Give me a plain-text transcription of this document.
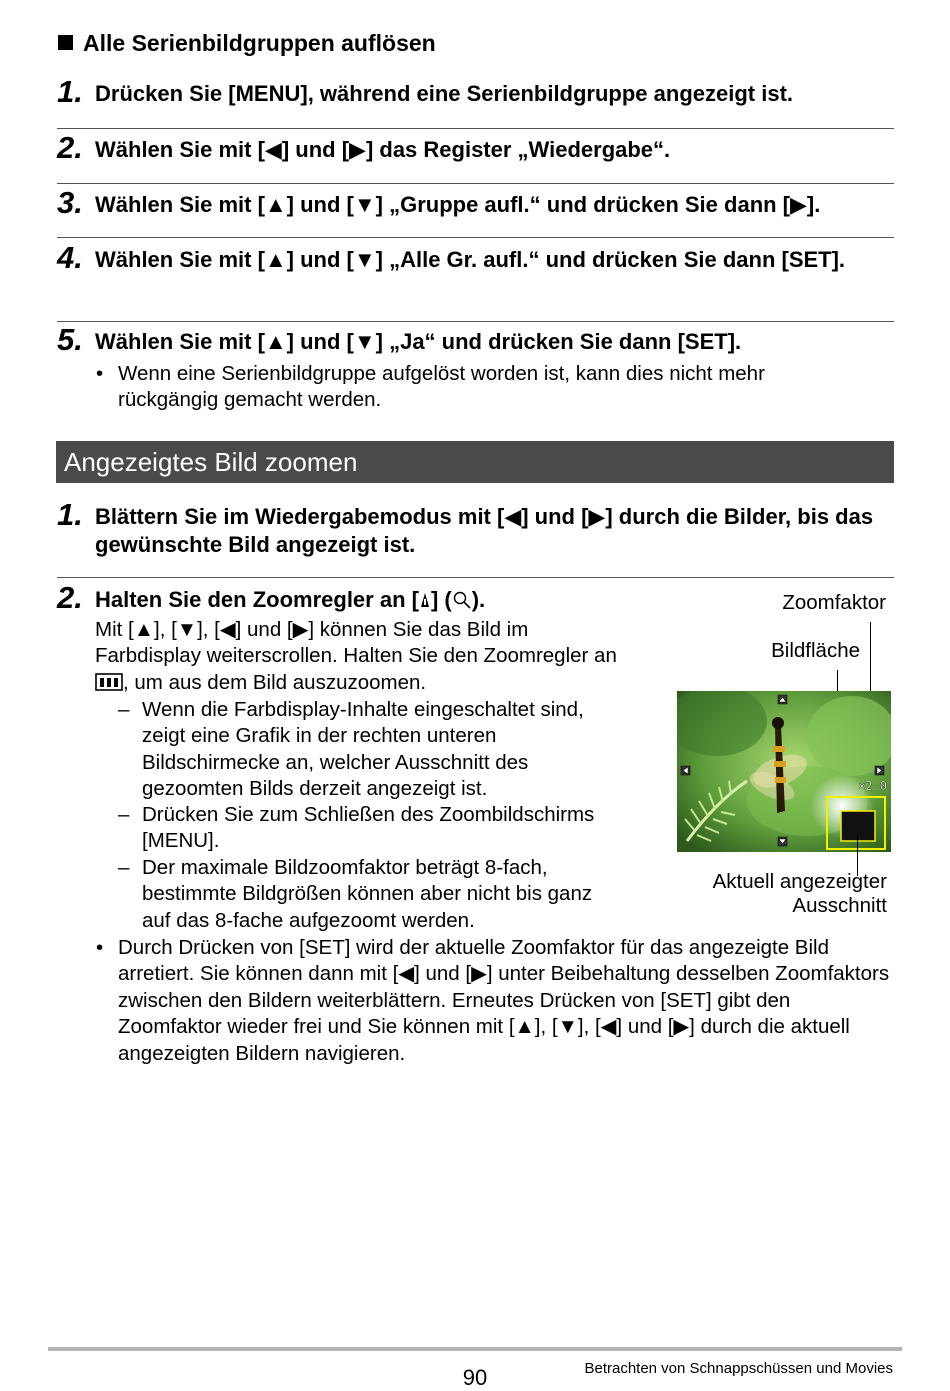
Alle Serienbildgruppen auflösen
1. Drücken Sie [MENU], während eine Serienbildgruppe angezeigt ist.
2. Wählen Sie mit [◀] und [▶] das Register „Wiedergabe“.
3. Wählen Sie mit [▲] und [▼] „Gruppe aufl.“ und drücken Sie dann [▶].
4. Wählen Sie mit [▲] und [▼] „Alle Gr. aufl.“ und drücken Sie dann [SET].
5. Wählen Sie mit [▲] und [▼] „Ja“ und drücken Sie dann [SET].
• Wenn eine Serienbildgruppe aufgelöst worden ist, kann dies nicht mehr rückgängig gemacht werden.
Angezeigtes Bild zoomen
1. Blättern Sie im Wiedergabemodus mit [◀] und [▶] durch die Bilder, bis das gewünschte Bild angezeigt ist.
2. Halten Sie den Zoomregler an [ ] ( ).
Mit [▲], [▼], [◀] und [▶] können Sie das Bild im Farbdisplay weiterscrollen. Halten Sie den Zoomregler an , um aus dem Bild auszuzoomen.
– Wenn die Farbdisplay-Inhalte eingeschaltet sind, zeigt eine Grafik in der rechten unteren Bildschirmecke an, welcher Ausschnitt des gezoomten Bilds derzeit angezeigt ist.
– Drücken Sie zum Schließen des Zoombildschirms [MENU].
– Der maximale Bildzoomfaktor beträgt 8-fach, bestimmte Bildgrößen können aber nicht bis ganz auf das 8-fache aufgezoomt werden.
• Durch Drücken von [SET] wird der aktuelle Zoomfaktor für das angezeigte Bild arretiert. Sie können dann mit [◀] und [▶] unter Beibehaltung desselben Zoomfaktors zwischen den Bildern weiterblättern. Erneutes Drücken von [SET] gibt den Zoomfaktor wieder frei und Sie können mit [▲], [▼], [◀] und [▶] durch die aktuell angezeigten Bildern navigieren.
Zoomfaktor
Bildfläche
×2.0
Aktuell angezeigter
Ausschnitt
90	Betrachten von Schnappschüssen und Movies
